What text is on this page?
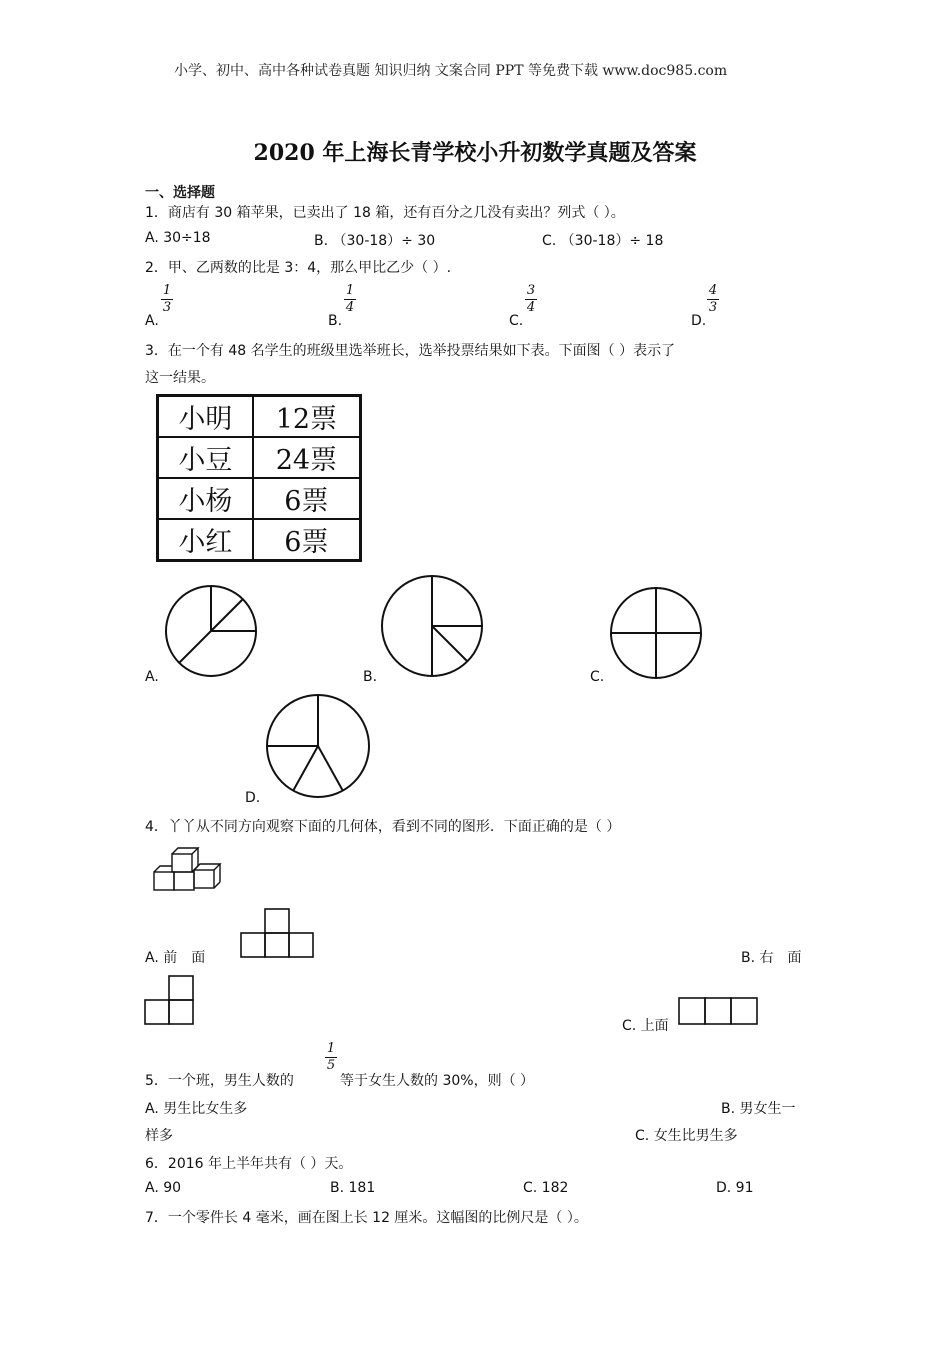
小学、初中、高中各种试卷真题 知识归纳 文案合同 PPT 等免费下载 www.doc985.com
2020 年上海长青学校小升初数学真题及答案
一、选择题
1．商店有 30 箱苹果，已卖出了 18 箱，还有百分之几没有卖出？列式（ ）。
A. 30÷18	B. （30-18）÷ 30	C. （30-18）÷ 18
2．甲、乙两数的比是 3：4，那么甲比乙少（ ）.
A.
1
3
B.
1
4
C.
3
4
D.
4
3
3．在一个有 48 名学生的班级里选举班长，选举投票结果如下表。下面图（ ）表示了
这一结果。
小明	12票
小豆	24票
小杨	6票
小红	6票
A.	B.	C.
D.
4．丫丫从不同方向观察下面的几何体，看到不同的图形．下面正确的是（ ）
A. 前　面	B. 右　面
C. 上面
5．一个班，男生人数的
1
5
等于女生人数的 30%，则（ ）
A. 男生比女生多	B. 男女生一
样多	C. 女生比男生多
6．2016 年上半年共有（ ）天。
A. 90	B. 181	C. 182	D. 91
7．一个零件长 4 毫米，画在图上长 12 厘米。这幅图的比例尺是（ ）。
